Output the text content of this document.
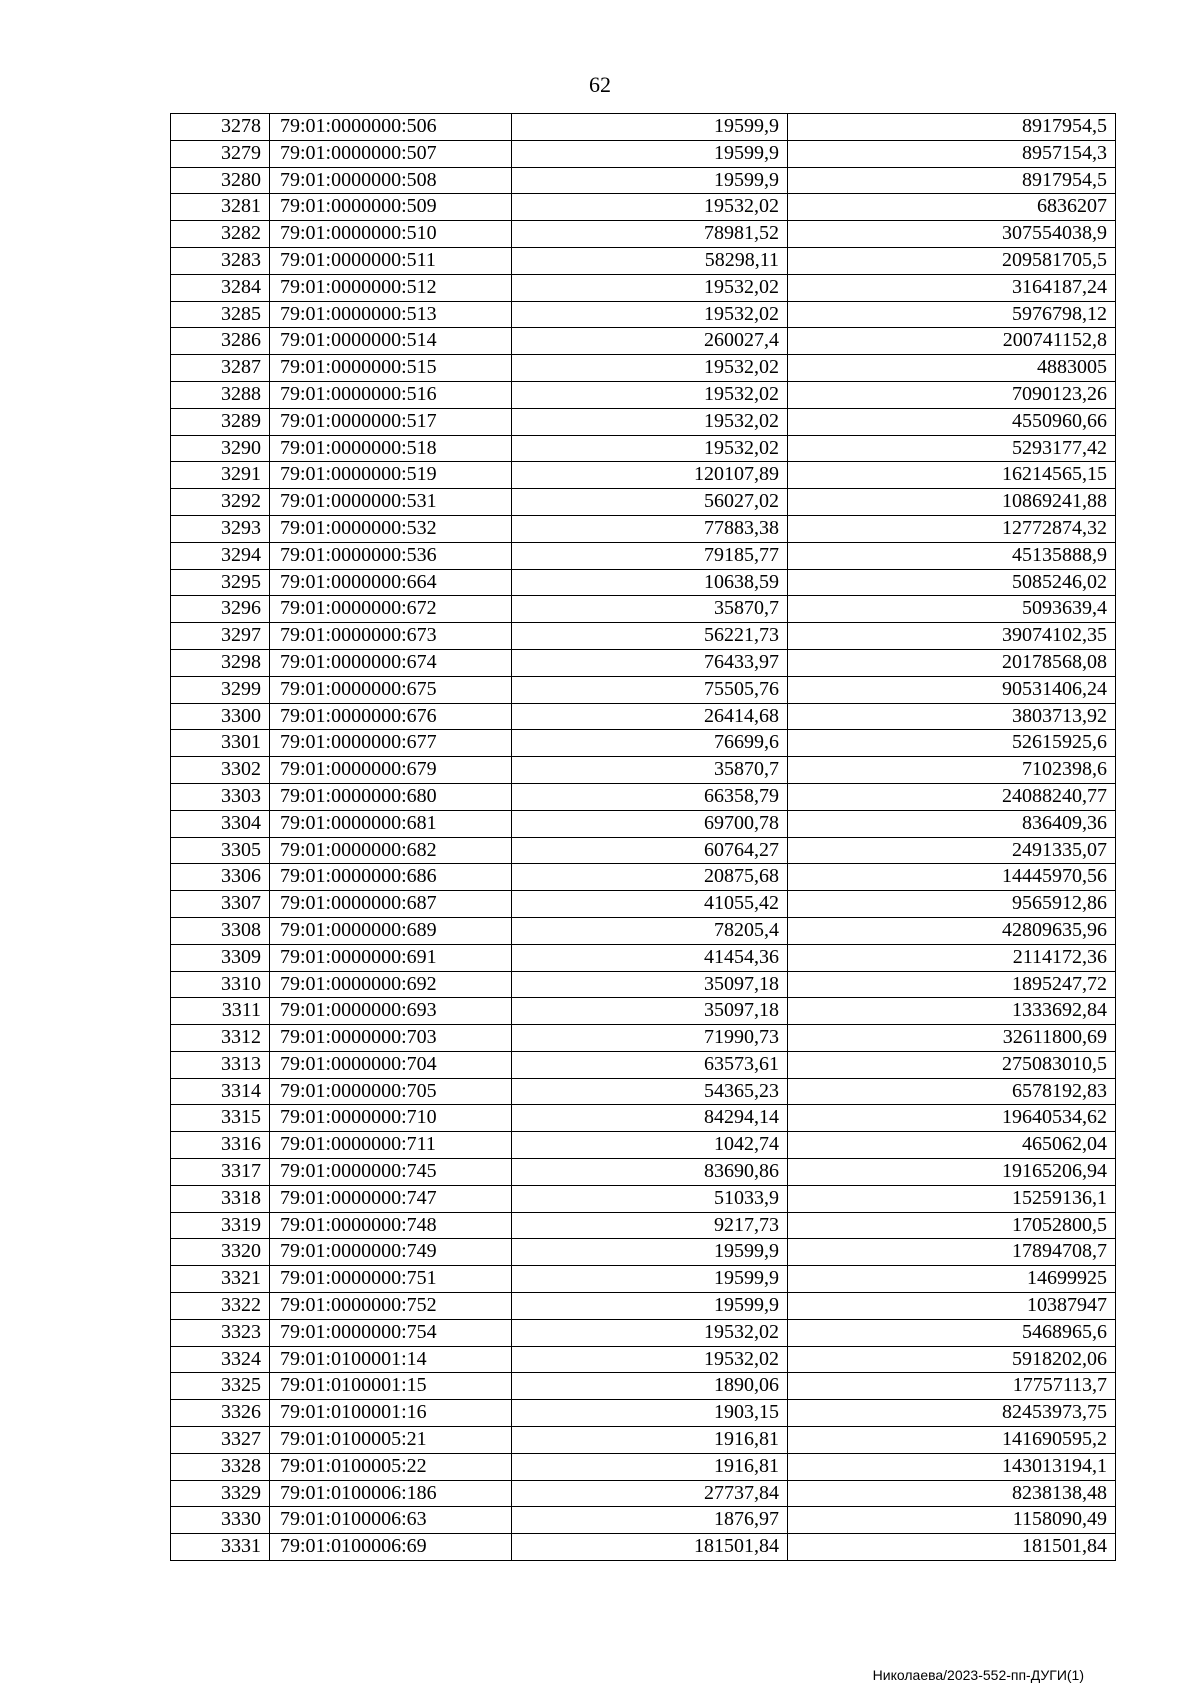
62
3278	79:01:0000000:506	19599,9	8917954,5
3279	79:01:0000000:507	19599,9	8957154,3
3280	79:01:0000000:508	19599,9	8917954,5
3281	79:01:0000000:509	19532,02	6836207
3282	79:01:0000000:510	78981,52	307554038,9
3283	79:01:0000000:511	58298,11	209581705,5
3284	79:01:0000000:512	19532,02	3164187,24
3285	79:01:0000000:513	19532,02	5976798,12
3286	79:01:0000000:514	260027,4	200741152,8
3287	79:01:0000000:515	19532,02	4883005
3288	79:01:0000000:516	19532,02	7090123,26
3289	79:01:0000000:517	19532,02	4550960,66
3290	79:01:0000000:518	19532,02	5293177,42
3291	79:01:0000000:519	120107,89	16214565,15
3292	79:01:0000000:531	56027,02	10869241,88
3293	79:01:0000000:532	77883,38	12772874,32
3294	79:01:0000000:536	79185,77	45135888,9
3295	79:01:0000000:664	10638,59	5085246,02
3296	79:01:0000000:672	35870,7	5093639,4
3297	79:01:0000000:673	56221,73	39074102,35
3298	79:01:0000000:674	76433,97	20178568,08
3299	79:01:0000000:675	75505,76	90531406,24
3300	79:01:0000000:676	26414,68	3803713,92
3301	79:01:0000000:677	76699,6	52615925,6
3302	79:01:0000000:679	35870,7	7102398,6
3303	79:01:0000000:680	66358,79	24088240,77
3304	79:01:0000000:681	69700,78	836409,36
3305	79:01:0000000:682	60764,27	2491335,07
3306	79:01:0000000:686	20875,68	14445970,56
3307	79:01:0000000:687	41055,42	9565912,86
3308	79:01:0000000:689	78205,4	42809635,96
3309	79:01:0000000:691	41454,36	2114172,36
3310	79:01:0000000:692	35097,18	1895247,72
3311	79:01:0000000:693	35097,18	1333692,84
3312	79:01:0000000:703	71990,73	32611800,69
3313	79:01:0000000:704	63573,61	275083010,5
3314	79:01:0000000:705	54365,23	6578192,83
3315	79:01:0000000:710	84294,14	19640534,62
3316	79:01:0000000:711	1042,74	465062,04
3317	79:01:0000000:745	83690,86	19165206,94
3318	79:01:0000000:747	51033,9	15259136,1
3319	79:01:0000000:748	9217,73	17052800,5
3320	79:01:0000000:749	19599,9	17894708,7
3321	79:01:0000000:751	19599,9	14699925
3322	79:01:0000000:752	19599,9	10387947
3323	79:01:0000000:754	19532,02	5468965,6
3324	79:01:0100001:14	19532,02	5918202,06
3325	79:01:0100001:15	1890,06	17757113,7
3326	79:01:0100001:16	1903,15	82453973,75
3327	79:01:0100005:21	1916,81	141690595,2
3328	79:01:0100005:22	1916,81	143013194,1
3329	79:01:0100006:186	27737,84	8238138,48
3330	79:01:0100006:63	1876,97	1158090,49
3331	79:01:0100006:69	181501,84	181501,84
Николаева/2023-552-пп-ДУГИ(1)
